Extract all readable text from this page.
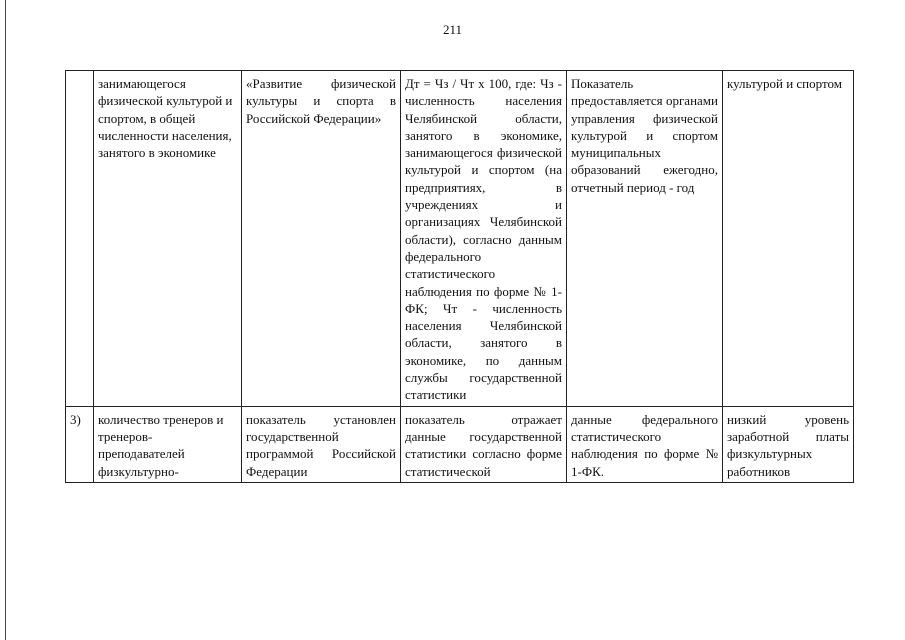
211
	занимающегося физической культурой и спортом, в общей численности населения, занятого в экономике	«Развитие физической культуры и спорта в Российской Федерации»	Дт = Чз / Чт х 100, где: Чз - численность населения Челябинской области, занятого в экономике, занимающегося физической культурой и спортом (на предприятиях, в учреждениях и организациях Челябинской области), согласно данным федерального статистического наблюдения по форме № 1-ФК; Чт - численность населения Челябинской области, занятого в экономике, по данным службы государственной статистики	Показатель предоставляется органами управления физической культурой и спортом муниципальных образований ежегодно, отчетный период - год	культурой и спортом
3)	количество тренеров и тренеров-преподавателей физкультурно-	показатель установлен государственной программой Российской Федерации	показатель отражает данные государственной статистики согласно форме статистической	данные федерального статистического наблюдения по форме № 1-ФК.	низкий уровень заработной платы физкультурных работников
